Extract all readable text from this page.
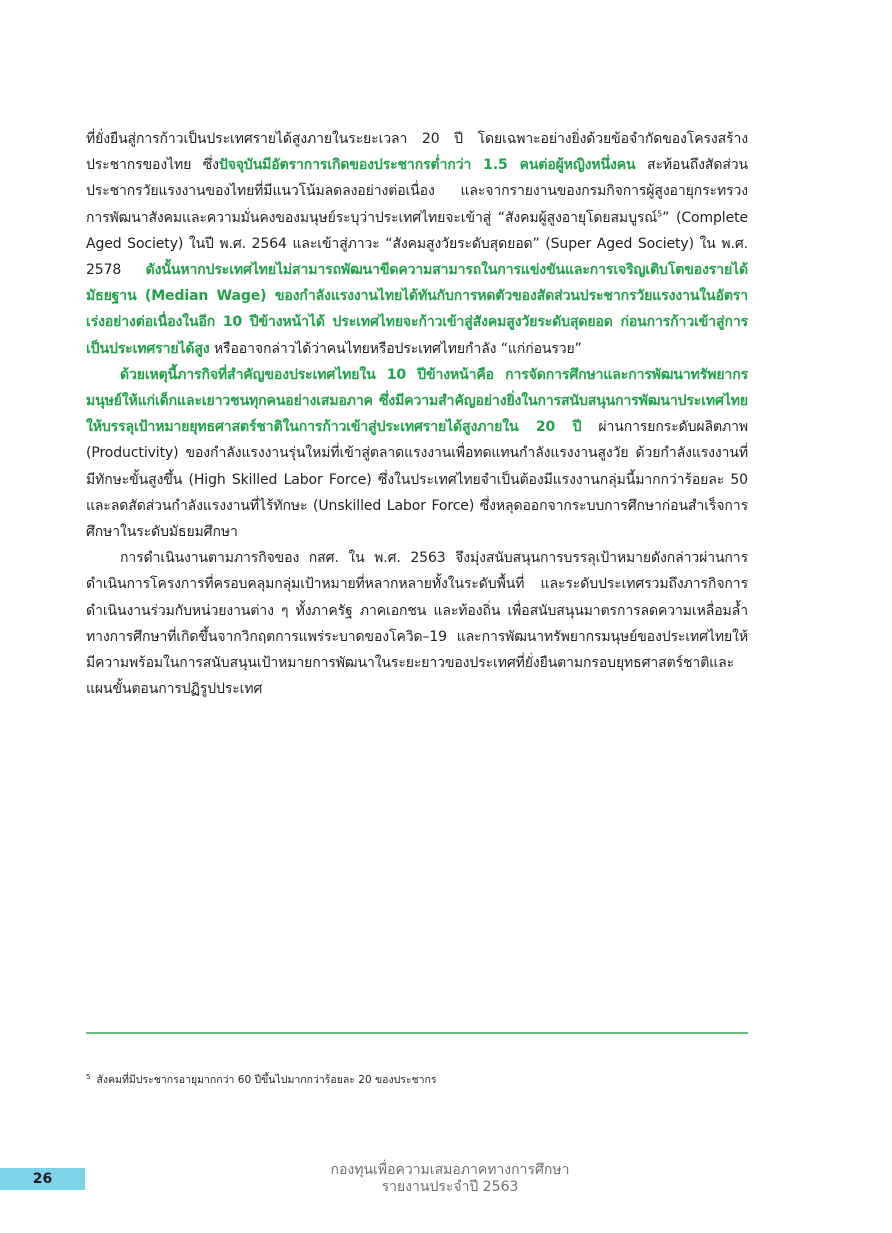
ที่ยั่งยืนสู่การก้าวเป็นประเทศรายได้สูงภายในระยะเวลา 20 ปี โดยเฉพาะอย่างยิ่งด้วยข้อจำกัดของโครงสร้างประชากรของไทย ซึ่งปัจจุบันมีอัตราการเกิดของประชากรต่ำกว่า 1.5 คนต่อผู้หญิงหนึ่งคน สะท้อนถึงสัดส่วนประชากรวัยแรงงานของไทยที่มีแนวโน้มลดลงอย่างต่อเนื่อง และจากรายงานของกรมกิจการผู้สูงอายุกระทรวงการพัฒนาสังคมและความมั่นคงของมนุษย์ระบุว่าประเทศไทยจะเข้าสู่ “สังคมผู้สูงอายุโดยสมบูรณ์$^5$” (Complete Aged Society) ในปี พ.ศ. 2564 และเข้าสู่ภาวะ “สังคมสูงวัยระดับสุดยอด” (Super Aged Society) ใน พ.ศ. 2578 ดังนั้นหากประเทศไทยไม่สามารถพัฒนาขีดความสามารถในการแข่งขันและการเจริญเติบโตของรายได้มัธยฐาน (Median Wage) ของกำลังแรงงานไทยได้ทันกับการหดตัวของสัดส่วนประชากรวัยแรงงานในอัตราเร่งอย่างต่อเนื่องในอีก 10 ปีข้างหน้าได้ ประเทศไทยจะก้าวเข้าสู่สังคมสูงวัยระดับสุดยอด ก่อนการก้าวเข้าสู่การเป็นประเทศรายได้สูง หรืออาจกล่าวได้ว่าคนไทยหรือประเทศไทยกำลัง “แก่ก่อนรวย”

ด้วยเหตุนี้ภารกิจที่สำคัญของประเทศไทยใน 10 ปีข้างหน้าคือ การจัดการศึกษาและการพัฒนาทรัพยากรมนุษย์ให้แก่เด็กและเยาวชนทุกคนอย่างเสมอภาค ซึ่งมีความสำคัญอย่างยิ่งในการสนับสนุนการพัฒนาประเทศไทยให้บรรลุเป้าหมายยุทธศาสตร์ชาติในการก้าวเข้าสู่ประเทศรายได้สูงภายใน 20 ปี ผ่านการยกระดับผลิตภาพ (Productivity) ของกำลังแรงงานรุ่นใหม่ที่เข้าสู่ตลาดแรงงานเพื่อทดแทนกำลังแรงงานสูงวัย ด้วยกำลังแรงงานที่มีทักษะขั้นสูงขึ้น (High Skilled Labor Force) ซึ่งในประเทศไทยจำเป็นต้องมีแรงงานกลุ่มนี้มากกว่าร้อยละ 50 และลดสัดส่วนกำลังแรงงานที่ไร้ทักษะ (Unskilled Labor Force) ซึ่งหลุดออกจากระบบการศึกษาก่อนสำเร็จการศึกษาในระดับมัธยมศึกษา

การดำเนินงานตามภารกิจของ กสศ. ใน พ.ศ. 2563 จึงมุ่งสนับสนุนการบรรลุเป้าหมายดังกล่าวผ่านการดำเนินการโครงการที่ครอบคลุมกลุ่มเป้าหมายที่หลากหลายทั้งในระดับพื้นที่ และระดับประเทศรวมถึงภารกิจการดำเนินงานร่วมกับหน่วยงานต่าง ๆ ทั้งภาครัฐ ภาคเอกชน และท้องถิ่น เพื่อสนับสนุนมาตรการลดความเหลื่อมล้ำทางการศึกษาที่เกิดขึ้นจากวิกฤตการแพร่ระบาดของโควิด–19 และการพัฒนาทรัพยากรมนุษย์ของประเทศไทยให้มีความพร้อมในการสนับสนุนเป้าหมายการพัฒนาในระยะยาวของประเทศที่ยั่งยืนตามกรอบยุทธศาสตร์ชาติและแผนขั้นตอนการปฏิรูปประเทศ

$^5$ สังคมที่มีประชากรอายุมากกว่า 60 ปีขึ้นไปมากกว่าร้อยละ 20 ของประชากร
26
กองทุนเพื่อความเสมอภาคทางการศึกษา
รายงานประจำปี 2563
